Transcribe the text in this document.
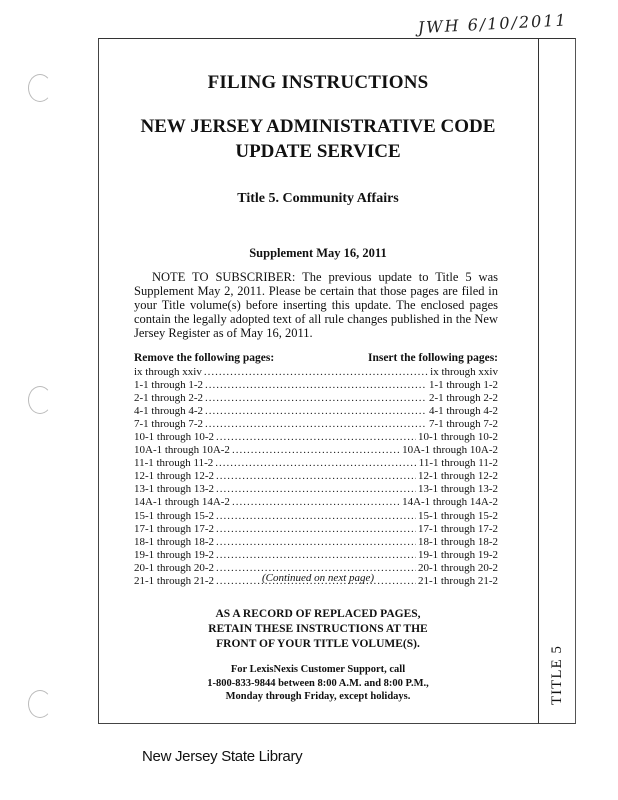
JWH 6/10/2011
TITLE 5
FILING INSTRUCTIONS
NEW JERSEY ADMINISTRATIVE CODE
UPDATE SERVICE
Title 5. Community Affairs
Supplement May 16, 2011
NOTE TO SUBSCRIBER: The previous update to Title 5 was Supplement May 2, 2011. Please be certain that those pages are filed in your Title volume(s) before inserting this update. The enclosed pages contain the legally adopted text of all rule changes published in the New Jersey Register as of May 16, 2011.
Remove the following pages:	Insert the following pages:
ix through xxiv .....	ix through xxiv
1-1 through 1-2 .....	1-1 through 1-2
2-1 through 2-2 .....	2-1 through 2-2
4-1 through 4-2 .....	4-1 through 4-2
7-1 through 7-2 .....	7-1 through 7-2
10-1 through 10-2 .....	10-1 through 10-2
10A-1 through 10A-2 .....	10A-1 through 10A-2
11-1 through 11-2 .....	11-1 through 11-2
12-1 through 12-2 .....	12-1 through 12-2
13-1 through 13-2 .....	13-1 through 13-2
14A-1 through 14A-2 .....	14A-1 through 14A-2
15-1 through 15-2 .....	15-1 through 15-2
17-1 through 17-2 .....	17-1 through 17-2
18-1 through 18-2 .....	18-1 through 18-2
19-1 through 19-2 .....	19-1 through 19-2
20-1 through 20-2 .....	20-1 through 20-2
21-1 through 21-2 .....	21-1 through 21-2
(Continued on next page)
AS A RECORD OF REPLACED PAGES,
RETAIN THESE INSTRUCTIONS AT THE
FRONT OF YOUR TITLE VOLUME(S).
For LexisNexis Customer Support, call
1-800-833-9844 between 8:00 A.M. and 8:00 P.M.,
Monday through Friday, except holidays.
New Jersey State Library
